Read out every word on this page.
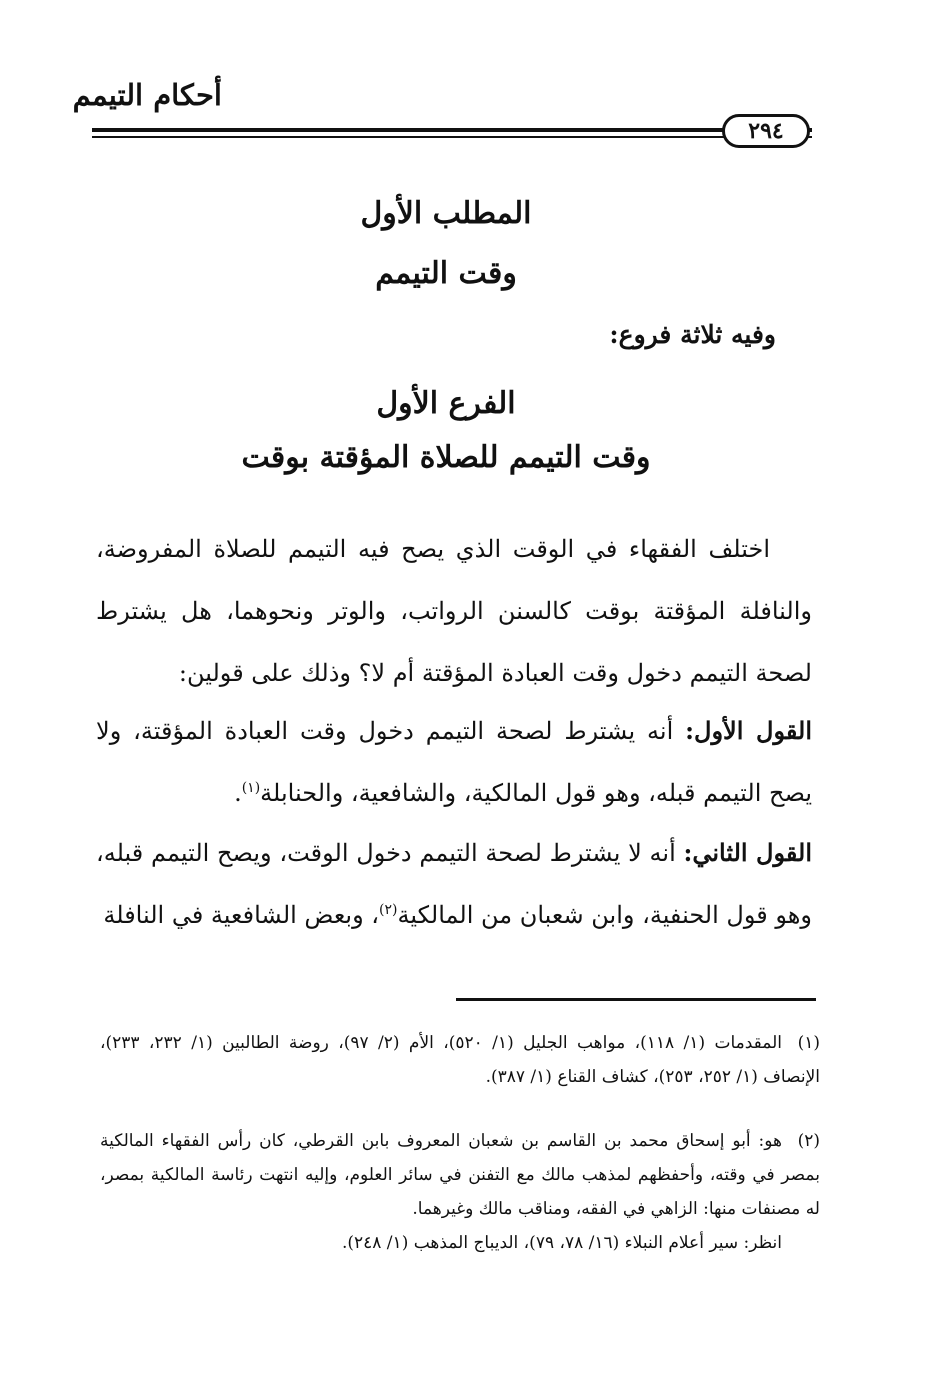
أحكام التيمم
٢٩٤
المطلب الأول
وقت التيمم
وفيه ثلاثة فروع:
الفرع الأول
وقت التيمم للصلاة المؤقتة بوقت

اختلف الفقهاء في الوقت الذي يصح فيه التيمم للصلاة المفروضة، والنافلة المؤقتة بوقت كالسنن الرواتب، والوتر ونحوهما، هل يشترط لصحة التيمم دخول وقت العبادة المؤقتة أم لا؟ وذلك على قولين:

القول الأول: أنه يشترط لصحة التيمم دخول وقت العبادة المؤقتة، ولا يصح التيمم قبله، وهو قول المالكية، والشافعية، والحنابلة$^{(١)}$.

القول الثاني: أنه لا يشترط لصحة التيمم دخول الوقت، ويصح التيمم قبله، وهو قول الحنفية، وابن شعبان من المالكية$^{(٢)}$، وبعض الشافعية في النافلة

(١)المقدمات (١/ ١١٨)، مواهب الجليل (١/ ٥٢٠)، الأم (٢/ ٩٧)، روضة الطالبين (١/ ٢٣٢، ٢٣٣)، الإنصاف (١/ ٢٥٢، ٢٥٣)، كشاف القناع (١/ ٣٨٧).
(٢)هو: أبو إسحاق محمد بن القاسم بن شعبان المعروف بابن القرطي، كان رأس الفقهاء المالكية بمصر في وقته، وأحفظهم لمذهب مالك مع التفنن في سائر العلوم، وإليه انتهت رئاسة المالكية بمصر، له مصنفات منها: الزاهي في الفقه، ومناقب مالك وغيرهما.
انظر: سير أعلام النبلاء (١٦/ ٧٨، ٧٩)، الديباج المذهب (١/ ٢٤٨).
